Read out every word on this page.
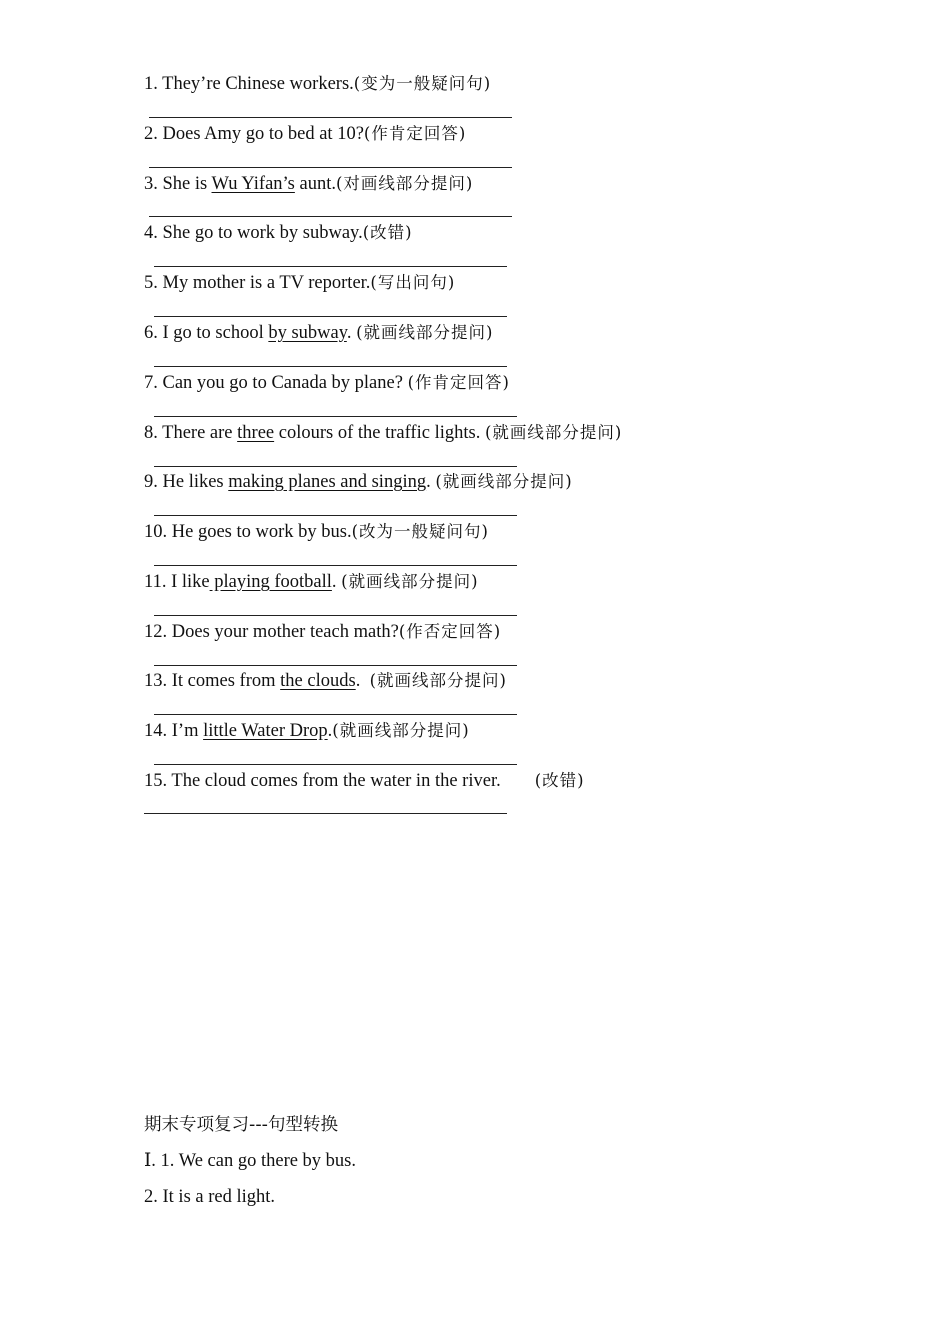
1. They’re Chinese workers.(变为一般疑问句)
2. Does Amy go to bed at 10?(作肯定回答)
3. She is Wu Yifan’s aunt.(对画线部分提问)
4. She go to work by subway.(改错)
5. My mother is a TV reporter.(写出问句)
6. I go to school by subway. (就画线部分提问)
7. Can you go to Canada by plane? (作肯定回答)
8. There are three colours of the traffic lights. (就画线部分提问)
9. He likes making planes and singing. (就画线部分提问)
10. He goes to work by bus.(改为一般疑问句)
11. I like playing football. (就画线部分提问)
12. Does your mother teach math?(作否定回答)
13. It comes from the clouds.  (就画线部分提问)
14. I’m little Water Drop.(就画线部分提问)
15. The cloud comes from the water in the river. (改错)
期末专项复习---句型转换
Ⅰ. 1. We can go there by bus.
2. It is a red light.
